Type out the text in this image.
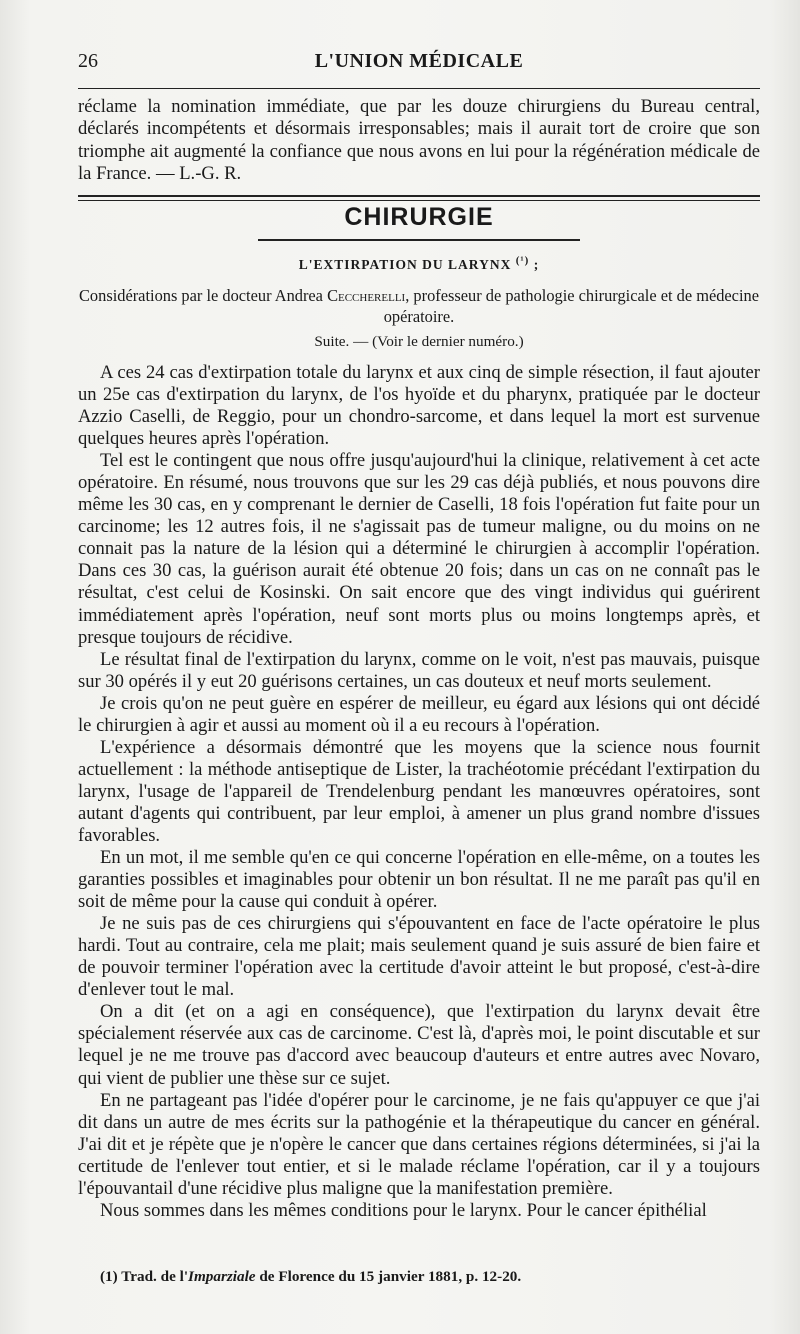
26	L'UNION MÉDICALE
réclame la nomination immédiate, que par les douze chirurgiens du Bureau central, déclarés incompétents et désormais irresponsables; mais il aurait tort de croire que son triomphe ait augmenté la confiance que nous avons en lui pour la régénération médicale de la France. — L.-G. R.
CHIRURGIE
L'EXTIRPATION DU LARYNX $^{(^1)}$ ;
Considérations par le docteur Andrea Ceccherelli, professeur de pathologie chirurgicale et de médecine opératoire.
Suite. — (Voir le dernier numéro.)

A ces 24 cas d'extirpation totale du larynx et aux cinq de simple résection, il faut ajouter un 25e cas d'extirpation du larynx, de l'os hyoïde et du pharynx, pratiquée par le docteur Azzio Caselli, de Reggio, pour un chondro-sarcome, et dans lequel la mort est survenue quelques heures après l'opération.

Tel est le contingent que nous offre jusqu'aujourd'hui la clinique, relativement à cet acte opératoire. En résumé, nous trouvons que sur les 29 cas déjà publiés, et nous pouvons dire même les 30 cas, en y comprenant le dernier de Caselli, 18 fois l'opération fut faite pour un carcinome; les 12 autres fois, il ne s'agissait pas de tumeur maligne, ou du moins on ne connait pas la nature de la lésion qui a déterminé le chirurgien à accomplir l'opération. Dans ces 30 cas, la guérison aurait été obtenue 20 fois; dans un cas on ne connaît pas le résultat, c'est celui de Kosinski. On sait encore que des vingt individus qui guérirent immédiatement après l'opération, neuf sont morts plus ou moins longtemps après, et presque toujours de récidive.

Le résultat final de l'extirpation du larynx, comme on le voit, n'est pas mauvais, puisque sur 30 opérés il y eut 20 guérisons certaines, un cas douteux et neuf morts seulement.

Je crois qu'on ne peut guère en espérer de meilleur, eu égard aux lésions qui ont décidé le chirurgien à agir et aussi au moment où il a eu recours à l'opération.

L'expérience a désormais démontré que les moyens que la science nous fournit actuellement : la méthode antiseptique de Lister, la trachéotomie précédant l'extirpation du larynx, l'usage de l'appareil de Trendelenburg pendant les manœuvres opératoires, sont autant d'agents qui contribuent, par leur emploi, à amener un plus grand nombre d'issues favorables.

En un mot, il me semble qu'en ce qui concerne l'opération en elle-même, on a toutes les garanties possibles et imaginables pour obtenir un bon résultat. Il ne me paraît pas qu'il en soit de même pour la cause qui conduit à opérer.

Je ne suis pas de ces chirurgiens qui s'épouvantent en face de l'acte opératoire le plus hardi. Tout au contraire, cela me plait; mais seulement quand je suis assuré de bien faire et de pouvoir terminer l'opération avec la certitude d'avoir atteint le but proposé, c'est-à-dire d'enlever tout le mal.

On a dit (et on a agi en conséquence), que l'extirpation du larynx devait être spécialement réservée aux cas de carcinome. C'est là, d'après moi, le point discutable et sur lequel je ne me trouve pas d'accord avec beaucoup d'auteurs et entre autres avec Novaro, qui vient de publier une thèse sur ce sujet.

En ne partageant pas l'idée d'opérer pour le carcinome, je ne fais qu'appuyer ce que j'ai dit dans un autre de mes écrits sur la pathogénie et la thérapeutique du cancer en général. J'ai dit et je répète que je n'opère le cancer que dans certaines régions déterminées, si j'ai la certitude de l'enlever tout entier, et si le malade réclame l'opération, car il y a toujours l'épouvantail d'une récidive plus maligne que la manifestation première.

Nous sommes dans les mêmes conditions pour le larynx. Pour le cancer épithélial

(1) Trad. de l'Imparziale de Florence du 15 janvier 1881, p. 12-20.
